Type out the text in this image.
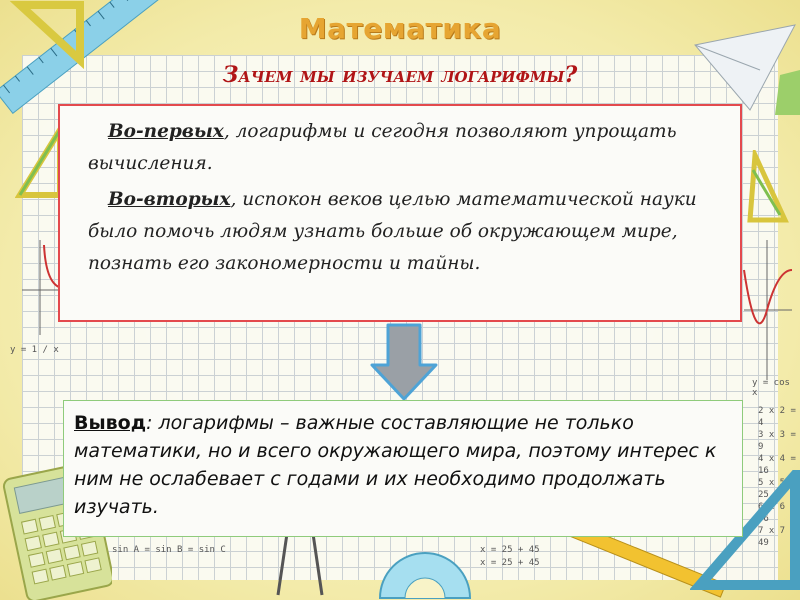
y = 1 / x
y = cos x
2 x 2 = 4
3 x 3 = 9
4 x 4 = 16
5 x 5 = 25
6 x 6 = 36
7 x 7 = 49
sin A = sin B = sin C	x = 25 + 45
x = 25 + 45
Математика
Зачем мы изучаем логарифмы?

Во-первых, логарифмы и сегодня позволяют упрощать вычисления.

Во-вторых, испокон веков целью математической науки было помочь людям узнать больше об окружающем мире, познать его закономерности и тайны.

Вывод: логарифмы – важные составляющие не только математики, но и всего окружающего мира, поэтому интерес к ним не ослабевает с годами и их необходимо продолжать изучать.
